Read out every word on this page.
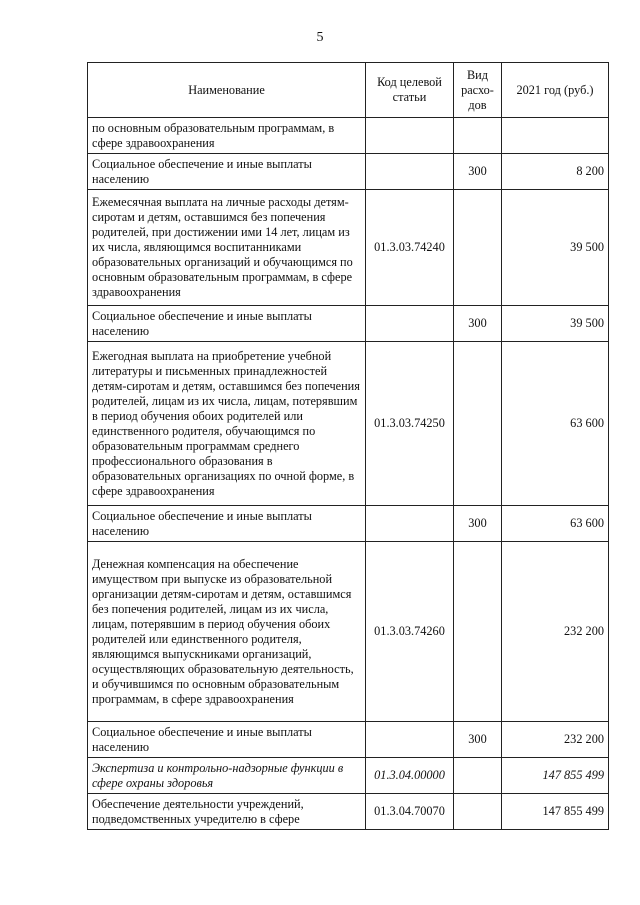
5
Наименование	Код целевой статьи	Вид расхо-дов	2021 год (руб.)
по основным образовательным программам, в сфере здравоохранения			
Социальное обеспечение и иные выплаты населению		300	8 200
Ежемесячная выплата на личные расходы детям-сиротам и детям, оставшимся без попечения родителей, при достижении ими 14 лет, лицам из их числа, являющимся воспитанниками образовательных организаций и обучающимся по основным образовательным программам, в сфере здравоохранения	01.3.03.74240		39 500
Социальное обеспечение и иные выплаты населению		300	39 500
Ежегодная выплата на приобретение учебной литературы и письменных принадлежностей детям-сиротам и детям, оставшимся без попечения родителей, лицам из их числа, лицам, потерявшим в период обучения обоих родителей или единственного родителя, обучающимся по образовательным программам среднего профессионального образования в образовательных организациях по очной форме, в сфере здравоохранения	01.3.03.74250		63 600
Социальное обеспечение и иные выплаты населению		300	63 600
Денежная компенсация на обеспечение имуществом при выпуске из образовательной организации детям-сиротам и детям, оставшимся без попечения родителей, лицам из их числа, лицам, потерявшим в период обучения обоих родителей или единственного родителя, являющимся выпускниками организаций, осуществляющих образовательную деятельность, и обучившимся по основным образовательным программам, в сфере здравоохранения	01.3.03.74260		232 200
Социальное обеспечение и иные выплаты населению		300	232 200
Экспертиза и контрольно-надзорные функции в сфере охраны здоровья	01.3.04.00000		147 855 499
Обеспечение деятельности учреждений, подведомственных учредителю в сфере	01.3.04.70070		147 855 499
